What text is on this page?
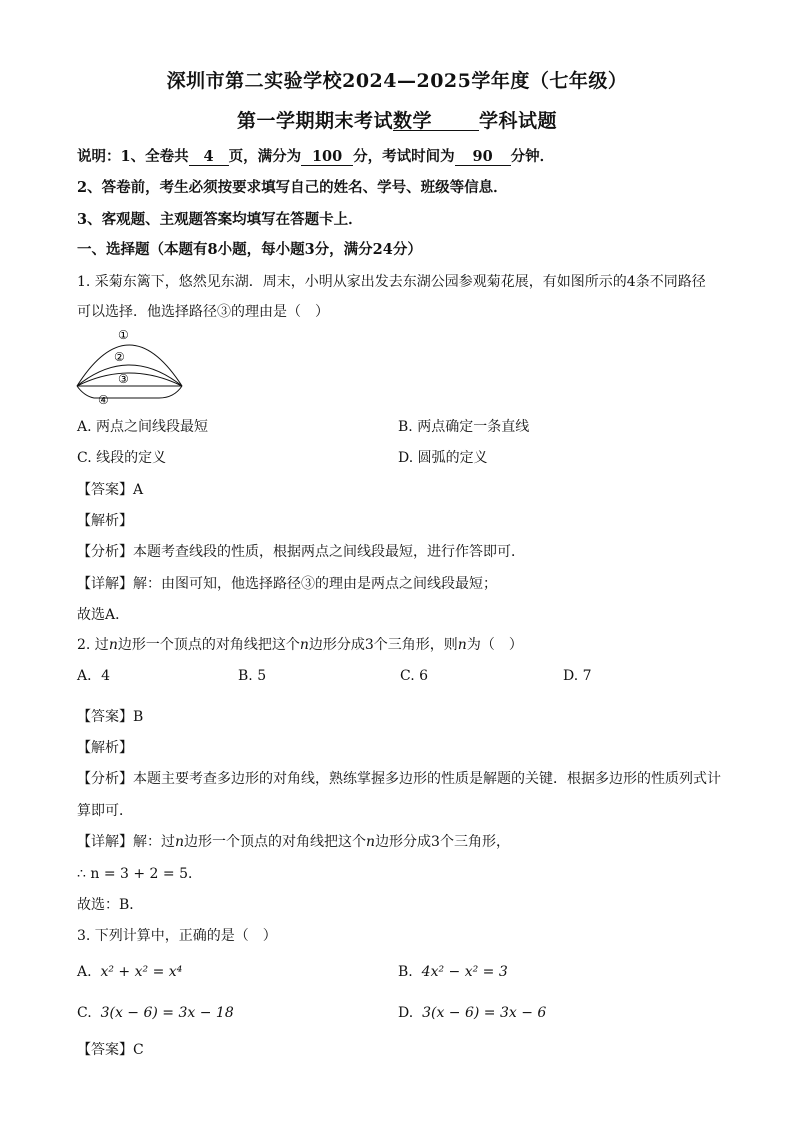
深圳市第二实验学校2024—2025学年度（七年级）
第一学期期末考试数学 学科试题
说明：1、全卷共 4 页，满分为 100 分，考试时间为 90 分钟．
2、答卷前，考生必须按要求填写自己的姓名、学号、班级等信息．
3、客观题、主观题答案均填写在答题卡上．
一、选择题（本题有8小题，每小题3分，满分24分）
1. 采菊东篱下，悠然见东湖．周末，小明从家出发去东湖公园参观菊花展，有如图所示的4条不同路径
可以选择．他选择路径③的理由是（　）
①
②
③
④
A. 两点之间线段最短	B. 两点确定一条直线
C. 线段的定义	D. 圆弧的定义
【答案】A
【解析】
【分析】本题考查线段的性质，根据两点之间线段最短，进行作答即可．
【详解】解：由图可知，他选择路径③的理由是两点之间线段最短；
故选A．
2. 过n边形一个顶点的对角线把这个n边形分成3个三角形，则n为（　）
A．4	B. 5	C. 6	D. 7
【答案】B
【解析】
【分析】本题主要考查多边形的对角线，熟练掌握多边形的性质是解题的关键．根据多边形的性质列式计
算即可．
【详解】解：过n边形一个顶点的对角线把这个n边形分成3个三角形，
∴ n = 3 + 2 = 5．
故选：B．
3. 下列计算中，正确的是（　）
A. x² + x² = x⁴	B. 4x² − x² = 3
C. 3(x − 6) = 3x − 18	D. 3(x − 6) = 3x − 6
【答案】C
